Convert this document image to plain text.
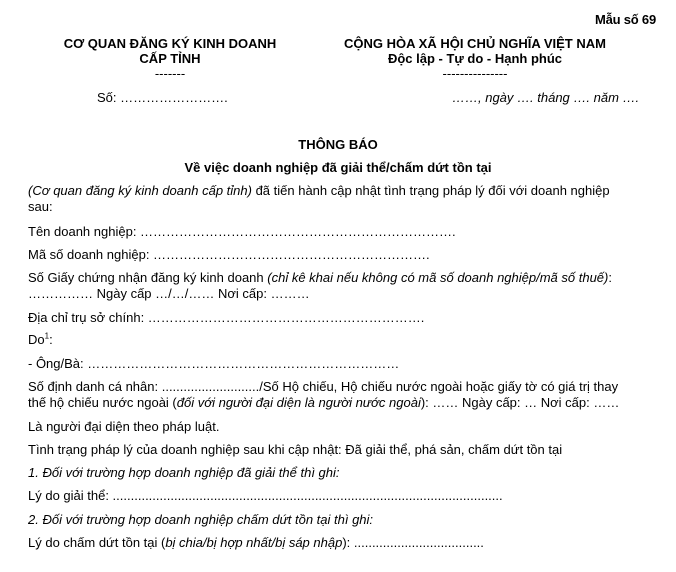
Mẫu số 69
CƠ QUAN ĐĂNG KÝ KINH DOANH
CẤP TỈNH
-------
CỘNG HÒA XÃ HỘI CHỦ NGHĨA VIỆT NAM
Độc lập - Tự do - Hạnh phúc
---------------
Số: …………………….	……, ngày …. tháng …. năm ….
THÔNG BÁO
Về việc doanh nghiệp đã giải thể/chấm dứt tồn tại
(Cơ quan đăng ký kinh doanh cấp tỉnh) đã tiến hành cập nhật tình trạng pháp lý đối với doanh nghiệp
sau:
Tên doanh nghiệp: ……………………………………………………………….
Mã số doanh nghiệp: ……………………………………………………….
Số Giấy chứng nhận đăng ký kinh doanh (chỉ kê khai nếu không có mã số doanh nghiệp/mã số thuế):
…………… Ngày cấp …/…/…… Nơi cấp: ………
Địa chỉ trụ sở chính: ……………………………………………………….
Do$^1$:
- Ông/Bà: ………………………………………………………………
Số định danh cá nhân: .........................../Số Hộ chiếu, Hộ chiếu nước ngoài hoặc giấy tờ có giá trị thay
thế hộ chiếu nước ngoài (đối với người đại diện là người nước ngoài): …… Ngày cấp: … Nơi cấp: ……
Là người đại diện theo pháp luật.
Tình trạng pháp lý của doanh nghiệp sau khi cập nhật: Đã giải thể, phá sản, chấm dứt tồn tại
1. Đối với trường hợp doanh nghiệp đã giải thể thì ghi:
Lý do giải thể: ............................................................................................................
2. Đối với trường hợp doanh nghiệp chấm dứt tồn tại thì ghi:
Lý do chấm dứt tồn tại (bị chia/bị hợp nhất/bị sáp nhập): ....................................
